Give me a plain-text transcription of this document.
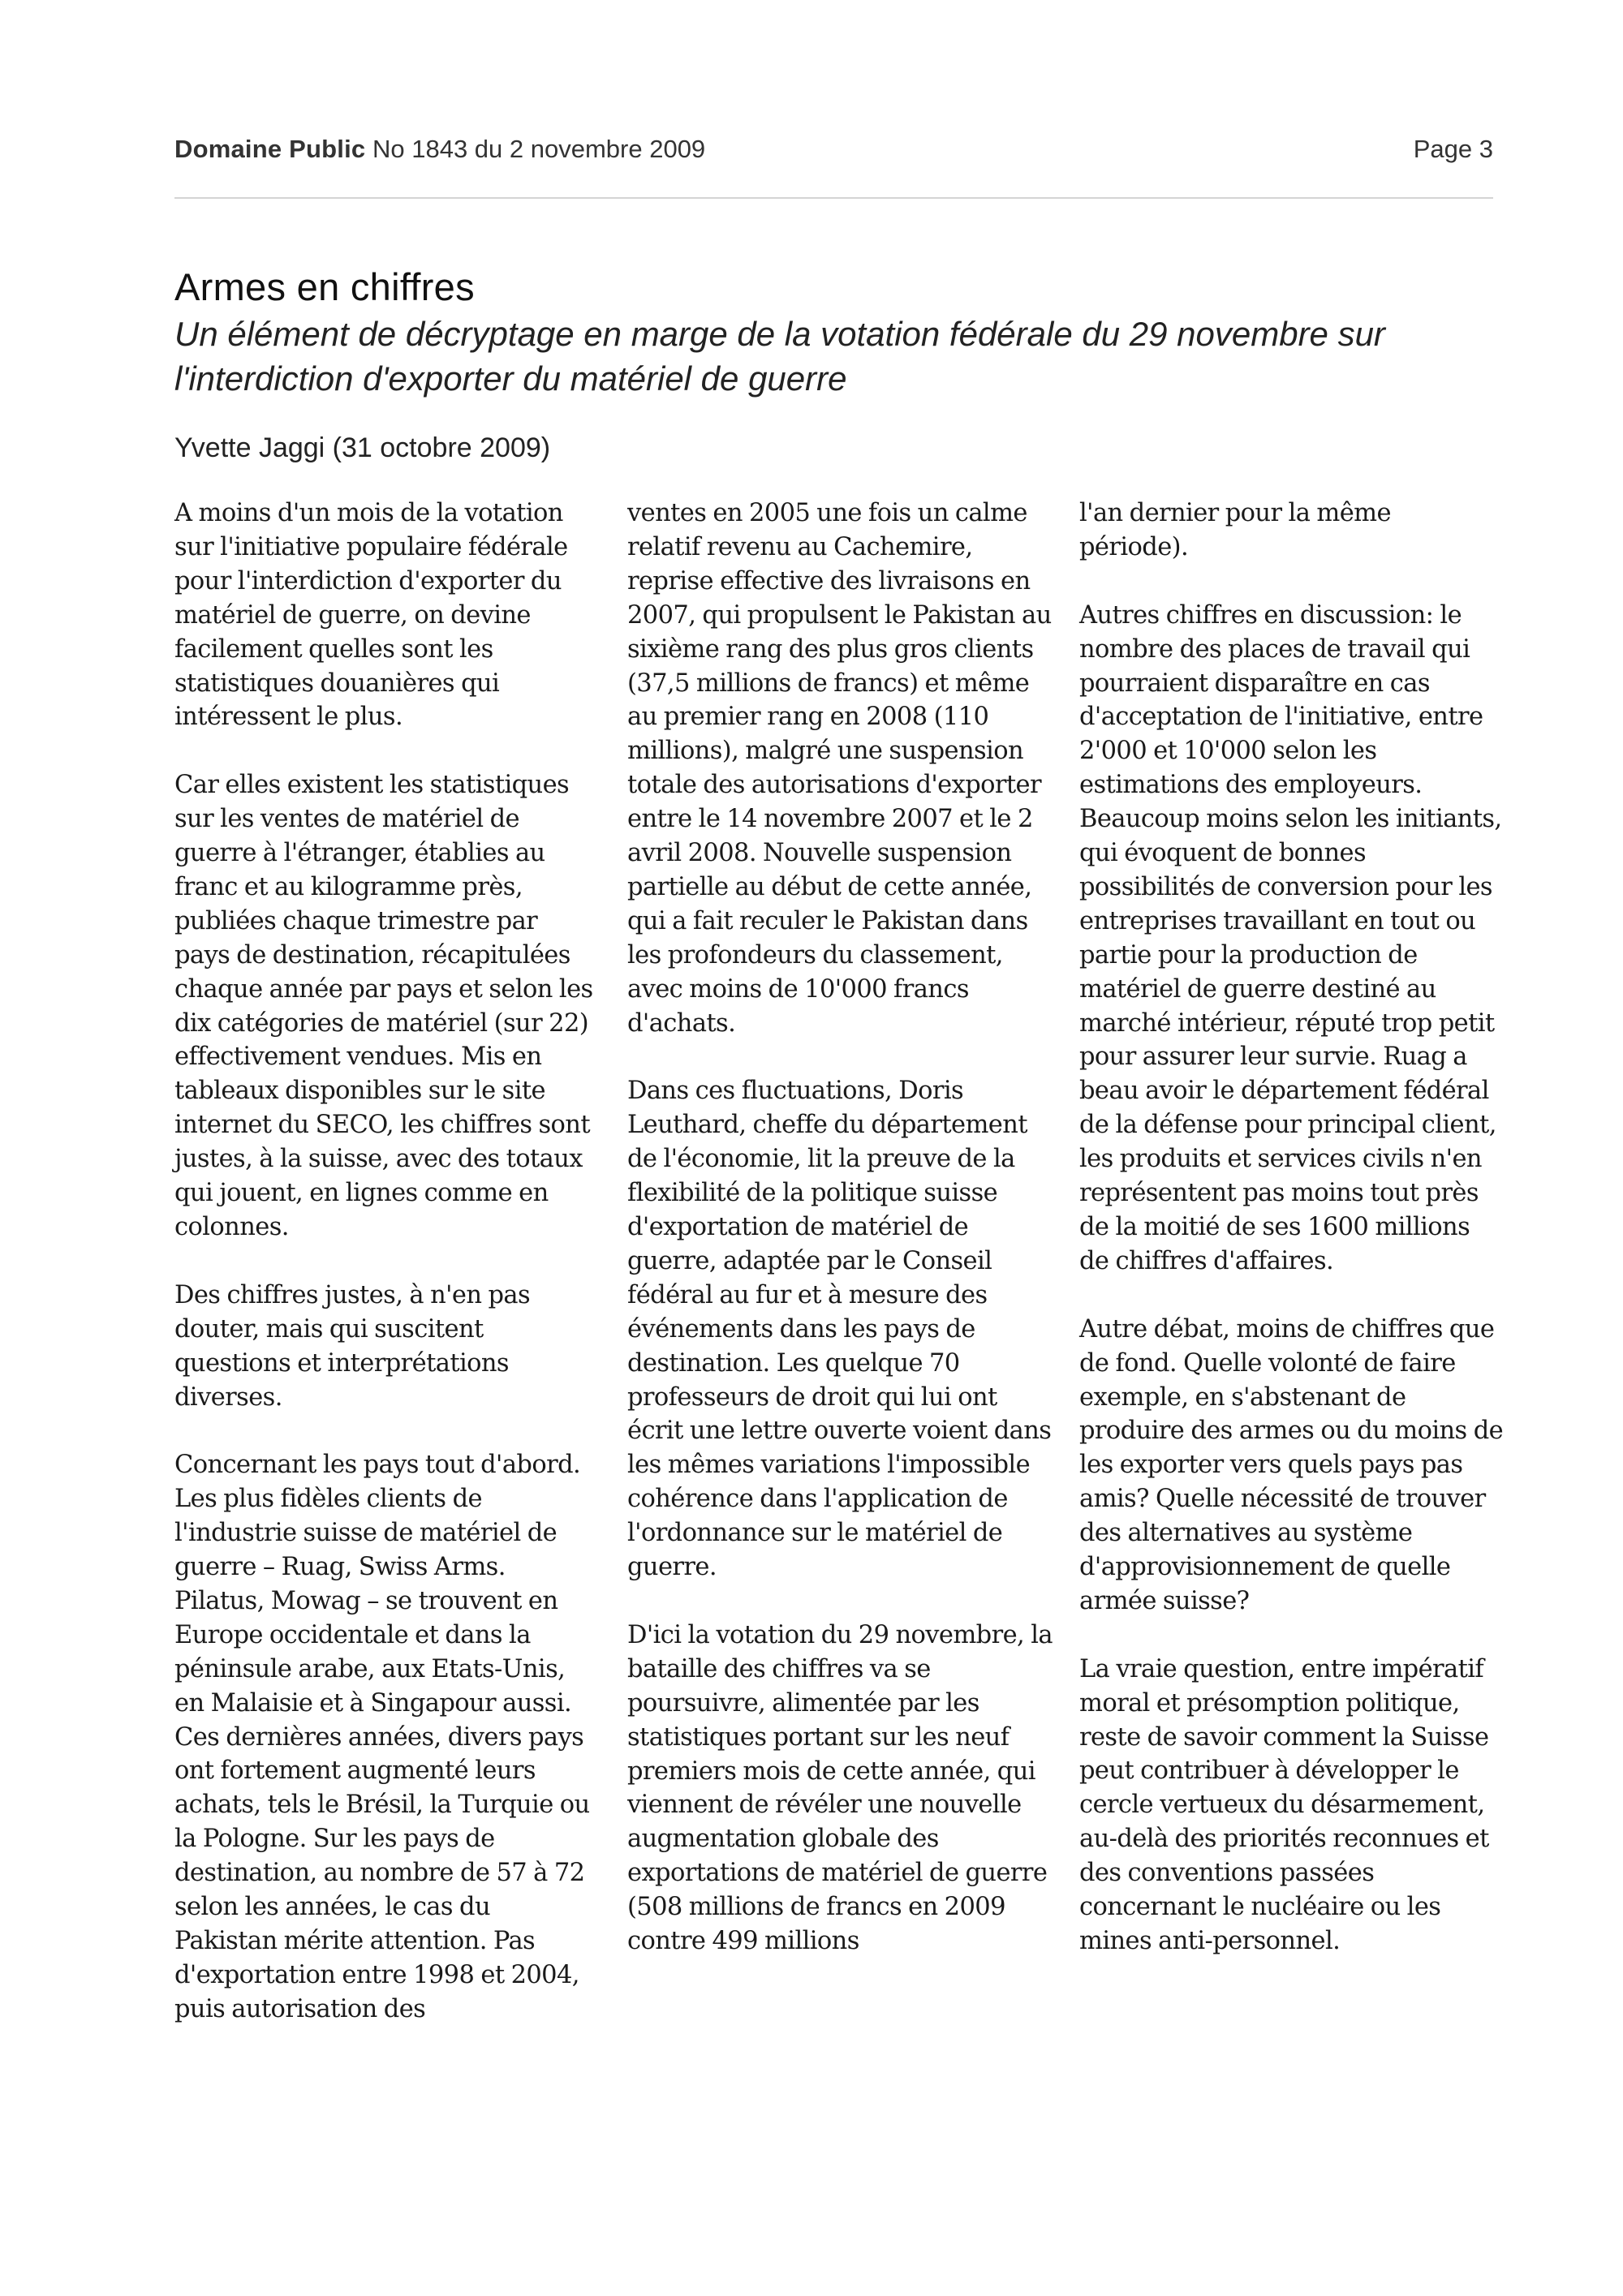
Domaine Public No 1843 du 2 novembre 2009	Page 3
Armes en chiffres

Un élément de décryptage en marge de la votation fédérale du 29 novembre sur l'interdiction d'exporter du matériel de guerre

Yvette Jaggi (31 octobre 2009)

A moins d'un mois de la votation sur l'initiative populaire fédérale pour l'interdiction d'exporter du matériel de guerre, on devine facilement quelles sont les statistiques douanières qui intéressent le plus.

Car elles existent les statistiques sur les ventes de matériel de guerre à l'étranger, établies au franc et au kilogramme près, publiées chaque trimestre par pays de destination, récapitulées chaque année par pays et selon les dix catégories de matériel (sur 22) effectivement vendues. Mis en tableaux disponibles sur le site internet du SECO, les chiffres sont justes, à la suisse, avec des totaux qui jouent, en lignes comme en colonnes.

Des chiffres justes, à n'en pas douter, mais qui suscitent questions et interprétations diverses.

Concernant les pays tout d'abord. Les plus fidèles clients de l'industrie suisse de matériel de guerre – Ruag, Swiss Arms. Pilatus, Mowag – se trouvent en Europe occidentale et dans la péninsule arabe, aux Etats-Unis, en Malaisie et à Singapour aussi. Ces dernières années, divers pays ont fortement augmenté leurs achats, tels le Brésil, la Turquie ou la Pologne. Sur les pays de destination, au nombre de 57 à 72 selon les années, le cas du Pakistan mérite attention. Pas d'exportation entre 1998 et 2004, puis autorisation des

ventes en 2005 une fois un calme relatif revenu au Cachemire, reprise effective des livraisons en 2007, qui propulsent le Pakistan au sixième rang des plus gros clients (37,5 millions de francs) et même au premier rang en 2008 (110 millions), malgré une suspension totale des autorisations d'exporter entre le 14 novembre 2007 et le 2 avril 2008. Nouvelle suspension partielle au début de cette année, qui a fait reculer le Pakistan dans les profondeurs du classement, avec moins de 10'000 francs d'achats.

Dans ces fluctuations, Doris Leuthard, cheffe du département de l'économie, lit la preuve de la flexibilité de la politique suisse d'exportation de matériel de guerre, adaptée par le Conseil fédéral au fur et à mesure des événements dans les pays de destination. Les quelque 70 professeurs de droit qui lui ont écrit une lettre ouverte voient dans les mêmes variations l'impossible cohérence dans l'application de l'ordonnance sur le matériel de guerre.

D'ici la votation du 29 novembre, la bataille des chiffres va se poursuivre, alimentée par les statistiques portant sur les neuf premiers mois de cette année, qui viennent de révéler une nouvelle augmentation globale des exportations de matériel de guerre (508 millions de francs en 2009 contre 499 millions

l'an dernier pour la même période).

Autres chiffres en discussion: le nombre des places de travail qui pourraient disparaître en cas d'acceptation de l'initiative, entre 2'000 et 10'000 selon les estimations des employeurs. Beaucoup moins selon les initiants, qui évoquent de bonnes possibilités de conversion pour les entreprises travaillant en tout ou partie pour la production de matériel de guerre destiné au marché intérieur, réputé trop petit pour assurer leur survie. Ruag a beau avoir le département fédéral de la défense pour principal client, les produits et services civils n'en représentent pas moins tout près de la moitié de ses 1600 millions de chiffres d'affaires.

Autre débat, moins de chiffres que de fond. Quelle volonté de faire exemple, en s'abstenant de produire des armes ou du moins de les exporter vers quels pays pas amis? Quelle nécessité de trouver des alternatives au système d'approvisionnement de quelle armée suisse?

La vraie question, entre impératif moral et présomption politique, reste de savoir comment la Suisse peut contribuer à développer le cercle vertueux du désarmement, au-delà des priorités reconnues et des conventions passées concernant le nucléaire ou les mines anti-personnel.
